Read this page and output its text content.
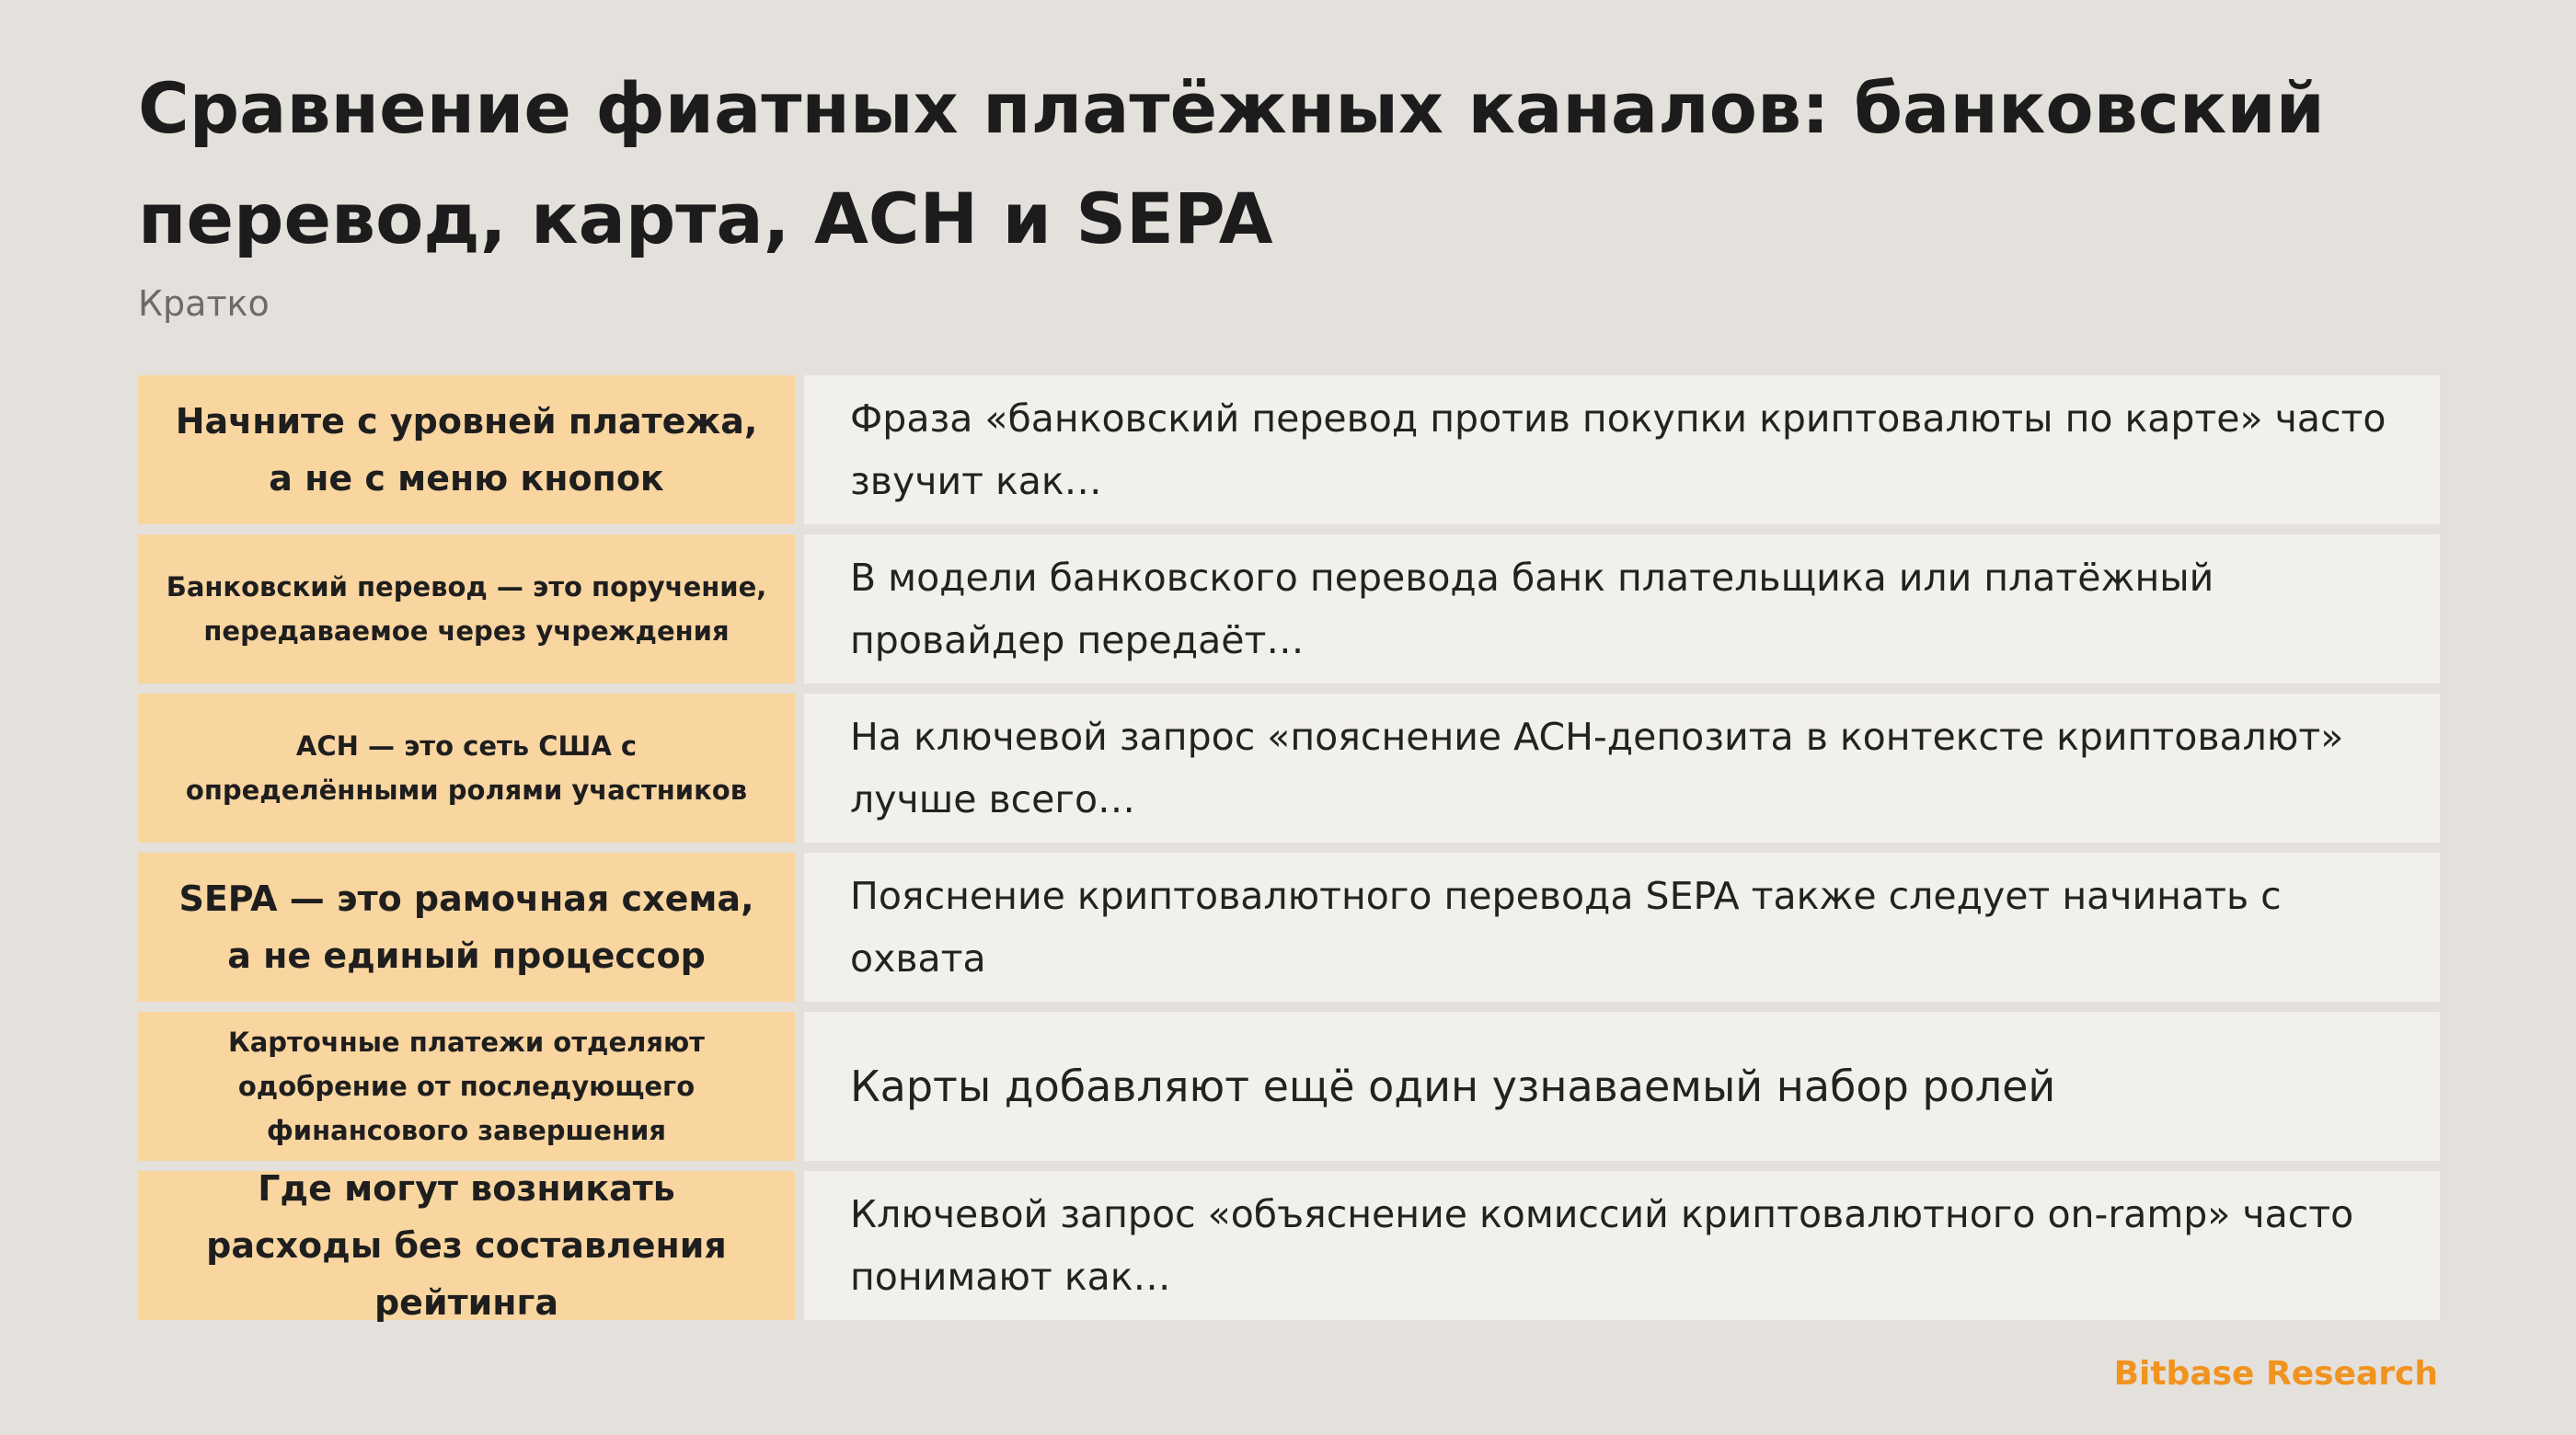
Сравнение фиатных платёжных каналов: банковский перевод, карта, ACH и SEPA
Кратко
Начните с уровней платежа, а не с меню кнопок
Фраза «банковский перевод против покупки криптовалюты по карте» часто звучит как…
Банковский перевод — это поручение, передаваемое через учреждения
В модели банковского перевода банк плательщика или платёжный провайдер передаёт…
ACH — это сеть США с определёнными ролями участников
На ключевой запрос «пояснение ACH-депозита в контексте криптовалют» лучше всего…
SEPA — это рамочная схема, а не единый процессор
Пояснение криптовалютного перевода SEPA также следует начинать с охвата
Карточные платежи отделяют одобрение от последующего финансового завершения
Карты добавляют ещё один узнаваемый набор ролей
Где могут возникать расходы без составления рейтинга
Ключевой запрос «объяснение комиссий криптовалютного on-ramp» часто понимают как…
Bitbase Research
